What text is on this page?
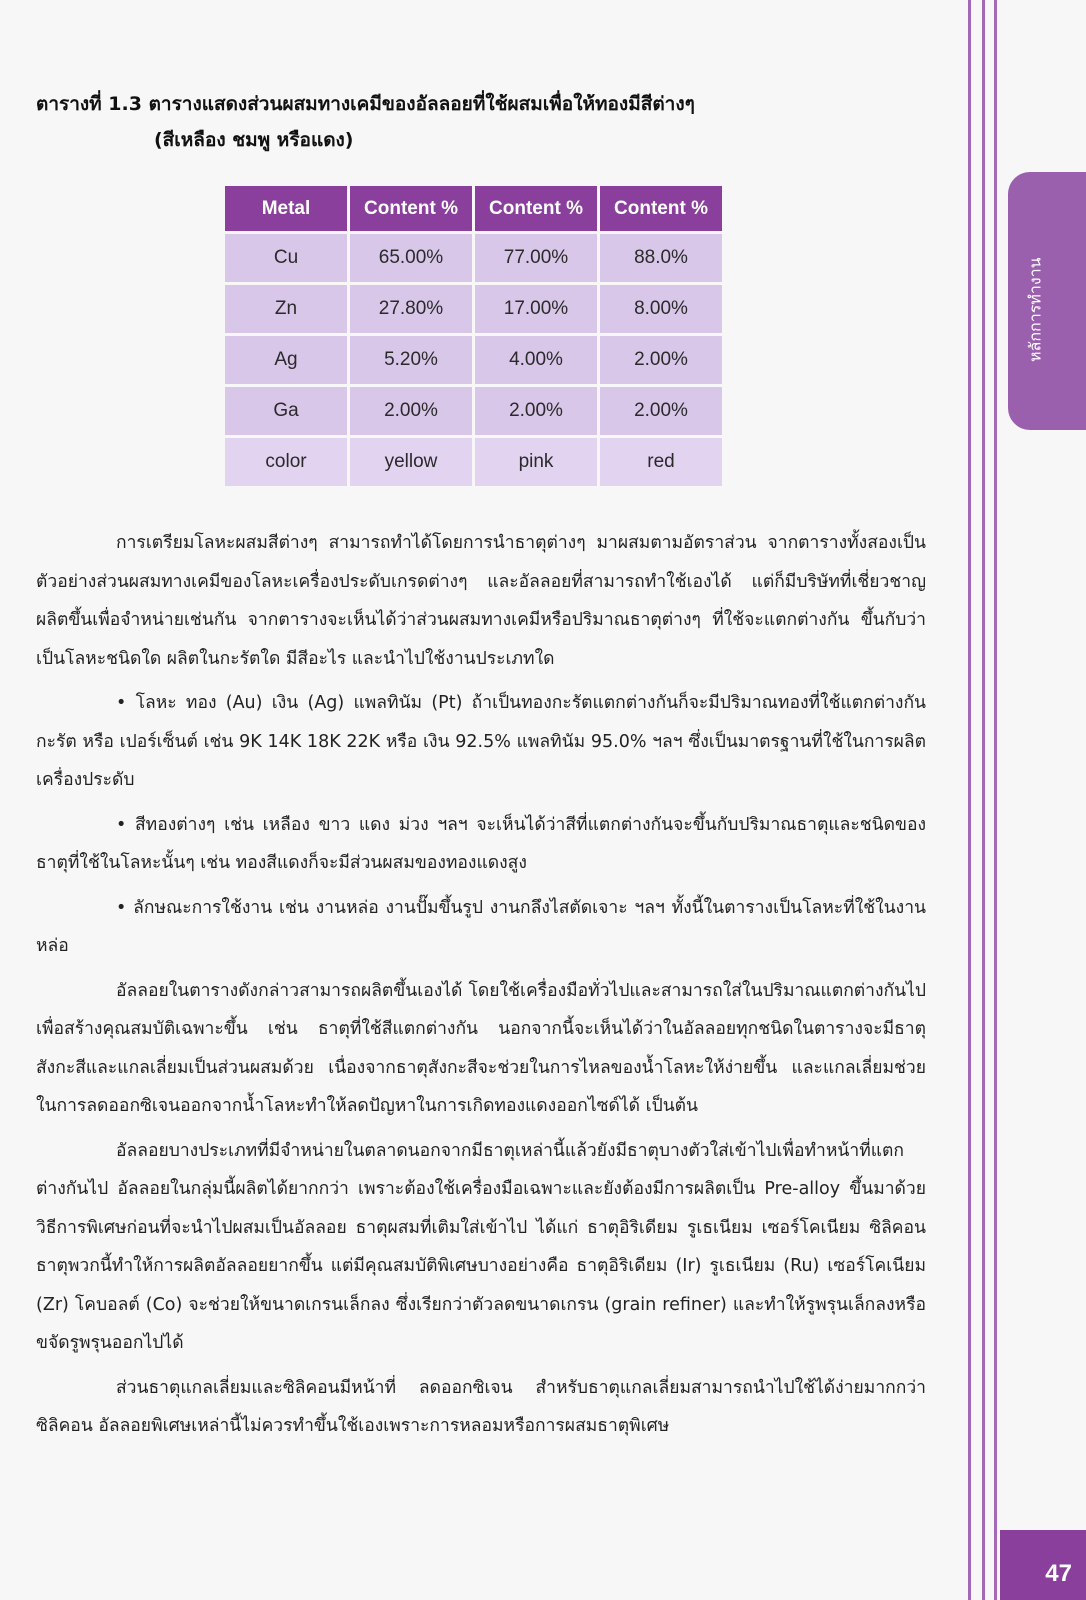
ตารางที่ 1.3 ตารางแสดงส่วนผสมทางเคมีของอัลลอยที่ใช้ผสมเพื่อให้ทองมีสีต่างๆ
(สีเหลือง ชมพู หรือแดง)
Metal	Content %	Content %	Content %
Cu	65.00%	77.00%	88.0%
Zn	27.80%	17.00%	8.00%
Ag	5.20%	4.00%	2.00%
Ga	2.00%	2.00%	2.00%
color	yellow	pink	red

การเตรียมโลหะผสมสีต่างๆ สามารถทำได้โดยการนำธาตุต่างๆ มาผสมตามอัตราส่วน จากตารางทั้งสองเป็นตัวอย่างส่วนผสมทางเคมีของโลหะเครื่องประดับเกรดต่างๆ และอัลลอยที่สามารถทำใช้เองได้ แต่ก็มีบริษัทที่เชี่ยวชาญผลิตขึ้นเพื่อจำหน่ายเช่นกัน จากตารางจะเห็นได้ว่าส่วนผสมทางเคมีหรือปริมาณธาตุต่างๆ ที่ใช้จะแตกต่างกัน ขึ้นกับว่าเป็นโลหะชนิดใด ผลิตในกะรัตใด มีสีอะไร และนำไปใช้งานประเภทใด

• โลหะ ทอง (Au) เงิน (Ag) แพลทินัม (Pt) ถ้าเป็นทองกะรัตแตกต่างกันก็จะมีปริมาณทองที่ใช้แตกต่างกัน กะรัต หรือ เปอร์เซ็นต์ เช่น 9K 14K 18K 22K หรือ เงิน 92.5% แพลทินัม 95.0% ฯลฯ ซึ่งเป็นมาตรฐานที่ใช้ในการผลิตเครื่องประดับ

• สีทองต่างๆ เช่น เหลือง ขาว แดง ม่วง ฯลฯ จะเห็นได้ว่าสีที่แตกต่างกันจะขึ้นกับปริมาณธาตุและชนิดของธาตุที่ใช้ในโลหะนั้นๆ เช่น ทองสีแดงก็จะมีส่วนผสมของทองแดงสูง

• ลักษณะการใช้งาน เช่น งานหล่อ งานปั๊มขึ้นรูป งานกลึงไสตัดเจาะ ฯลฯ ทั้งนี้ในตารางเป็นโลหะที่ใช้ในงานหล่อ

อัลลอยในตารางดังกล่าวสามารถผลิตขึ้นเองได้ โดยใช้เครื่องมือทั่วไปและสามารถใส่ในปริมาณแตกต่างกันไป เพื่อสร้างคุณสมบัติเฉพาะขึ้น เช่น ธาตุที่ใช้สีแตกต่างกัน นอกจากนี้จะเห็นได้ว่าในอัลลอยทุกชนิดในตารางจะมีธาตุสังกะสีและแกลเลี่ยมเป็นส่วนผสมด้วย เนื่องจากธาตุสังกะสีจะช่วยในการไหลของน้ำโลหะให้ง่ายขึ้น และแกลเลี่ยมช่วยในการลดออกซิเจนออกจากน้ำโลหะทำให้ลดปัญหาในการเกิดทองแดงออกไซด์ได้ เป็นต้น

อัลลอยบางประเภทที่มีจำหน่ายในตลาดนอกจากมีธาตุเหล่านี้แล้วยังมีธาตุบางตัวใส่เข้าไปเพื่อทำหน้าที่แตกต่างกันไป อัลลอยในกลุ่มนี้ผลิตได้ยากกว่า เพราะต้องใช้เครื่องมือเฉพาะและยังต้องมีการผลิตเป็น Pre-alloy ขึ้นมาด้วยวิธีการพิเศษก่อนที่จะนำไปผสมเป็นอัลลอย ธาตุผสมที่เติมใส่เข้าไป ได้แก่ ธาตุอิริเดียม รูเธเนียม เซอร์โคเนียม ซิลิคอน ธาตุพวกนี้ทำให้การผลิตอัลลอยยากขึ้น แต่มีคุณสมบัติพิเศษบางอย่างคือ ธาตุอิริเดียม (Ir) รูเธเนียม (Ru) เซอร์โคเนียม (Zr) โคบอลต์ (Co) จะช่วยให้ขนาดเกรนเล็กลง ซึ่งเรียกว่าตัวลดขนาดเกรน (grain refiner) และทำให้รูพรุนเล็กลงหรือขจัดรูพรุนออกไปได้

ส่วนธาตุแกลเลี่ยมและซิลิคอนมีหน้าที่ ลดออกซิเจน สำหรับธาตุแกลเลี่ยมสามารถนำไปใช้ได้ง่ายมากกว่าซิลิคอน อัลลอยพิเศษเหล่านี้ไม่ควรทำขึ้นใช้เองเพราะการหลอมหรือการผสมธาตุพิเศษ

หลักการทำงาน
47
